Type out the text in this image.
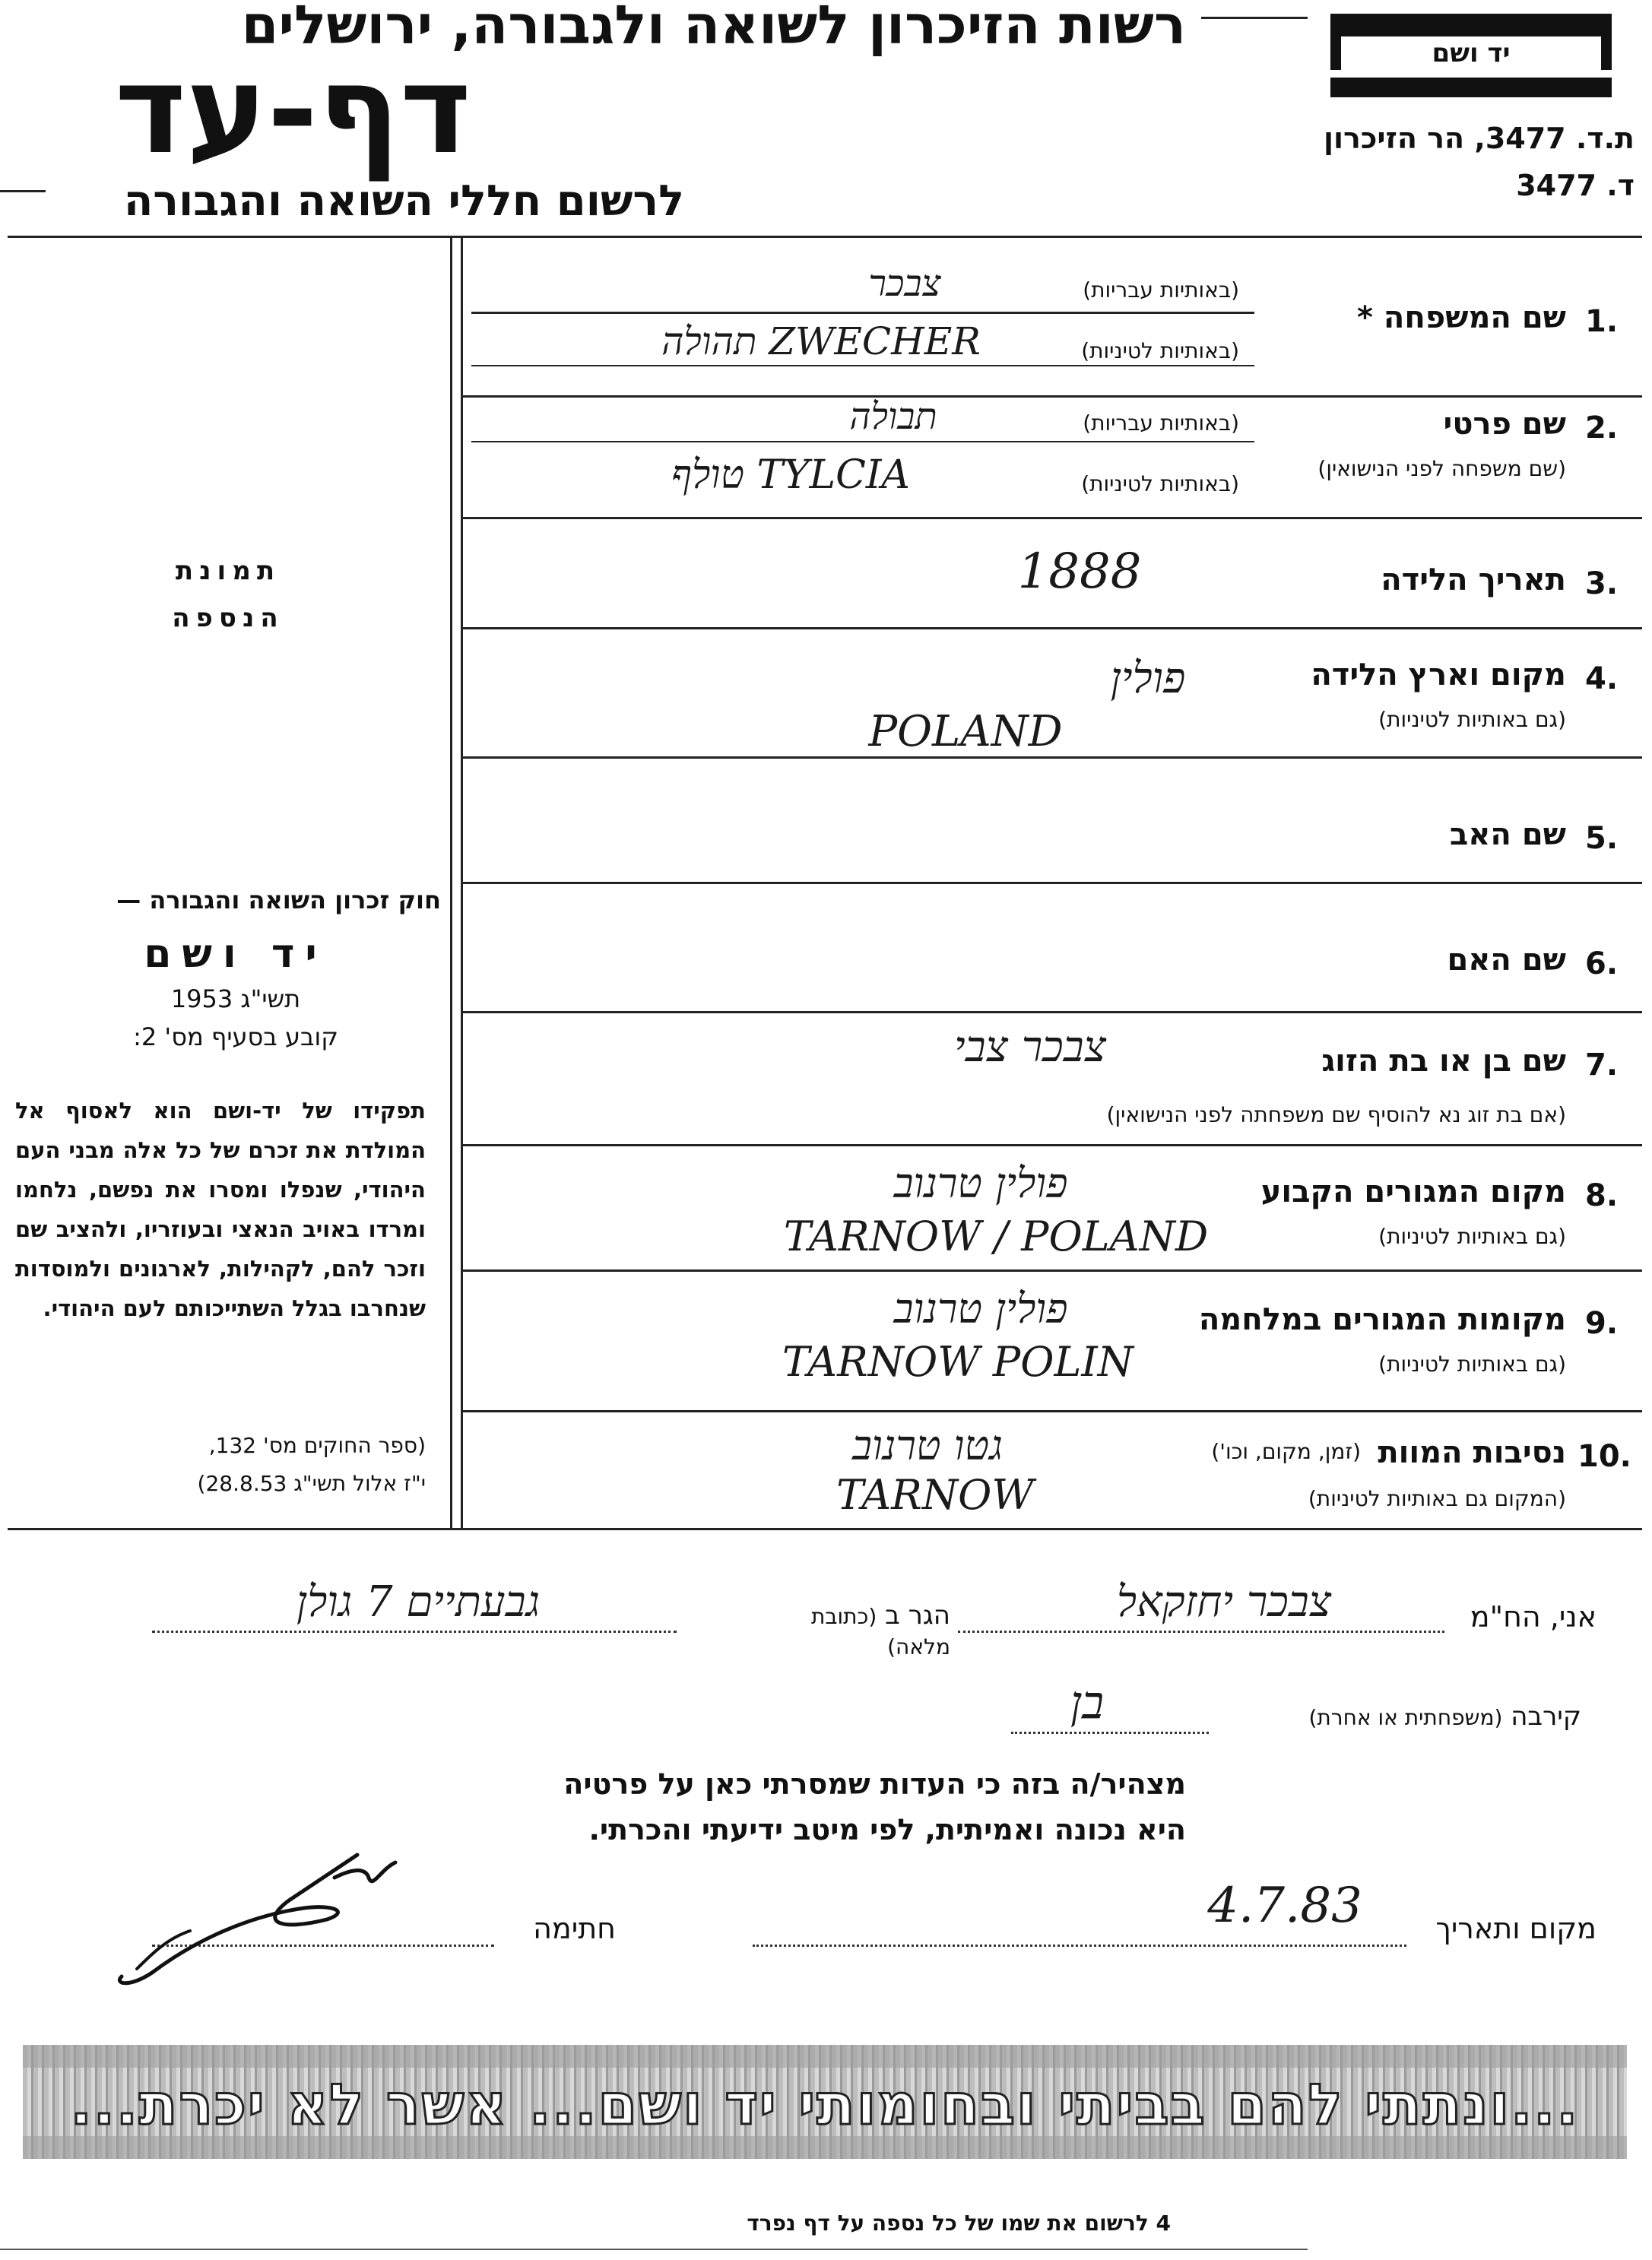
רשות הזיכרון לשואה ולגבורה, ירושלים
דף-עד
לרשום חללי השואה והגבורה
יד ושם
ת.ד. 3477, הר הזיכרון
ד. 3477
תמונת
הנספה
חוק זכרון השואה והגבורה —
יד ושם
תשי"ג 1953
קובע בסעיף מס' 2:
תפקידו של יד-ושם הוא לאסוף אל המולדת את זכרם של כל אלה מבני העם היהודי, שנפלו ומסרו את נפשם, נלחמו ומרדו באויב הנאצי ובעוזריו, ולהציב שם וזכר להם, לקהילות, לארגונים ולמוסדות שנחרבו בגלל השתייכותם לעם היהודי.
(ספר החוקים מס' 132,
י"ז אלול תשי"ג 28.8.53)
1.
שם המשפחה *
(באותיות עבריות)
צבכר
(באותיות לטיניות)
ZWECHER תהולה
2.
שם פרטי
(שם משפחה לפני הנישואין)
(באותיות עבריות)
תבולה
(באותיות לטיניות)
TYLCIA טולף
3.
תאריך הלידה
1888
4.
מקום וארץ הלידה
(גם באותיות לטיניות)
פולין
POLAND
5.
שם האב
6.
שם האם
7.
שם בן או בת הזוג
(אם בת זוג נא להוסיף שם משפחתה לפני הנישואין)
צבכר צבי
8.
מקום המגורים הקבוע
(גם באותיות לטיניות)
פולין טרנוב
TARNOW / POLAND
9.
מקומות המגורים במלחמה
(גם באותיות לטיניות)
פולין טרנוב
TARNOW POLIN
10.
נסיבות המוות
(זמן, מקום, וכו')
(המקום גם באותיות לטיניות)
גטו טרנוב
TARNOW
אני, הח"מ
צבכר יחזקאל
הגר ב (כתובת מלאה)
גבעתיים 7 גולן
קירבה (משפחתית או אחרת)
בן
מצהיר/ה בזה כי העדות שמסרתי כאן על פרטיה
היא נכונה ואמיתית, לפי מיטב ידיעתי והכרתי.
מקום ותאריך
4.7.83
חתימה
...ונתתי להם בביתי ובחומותי יד ושם... אשר לא יכרת...
4 לרשום את שמו של כל נספה על דף נפרד
